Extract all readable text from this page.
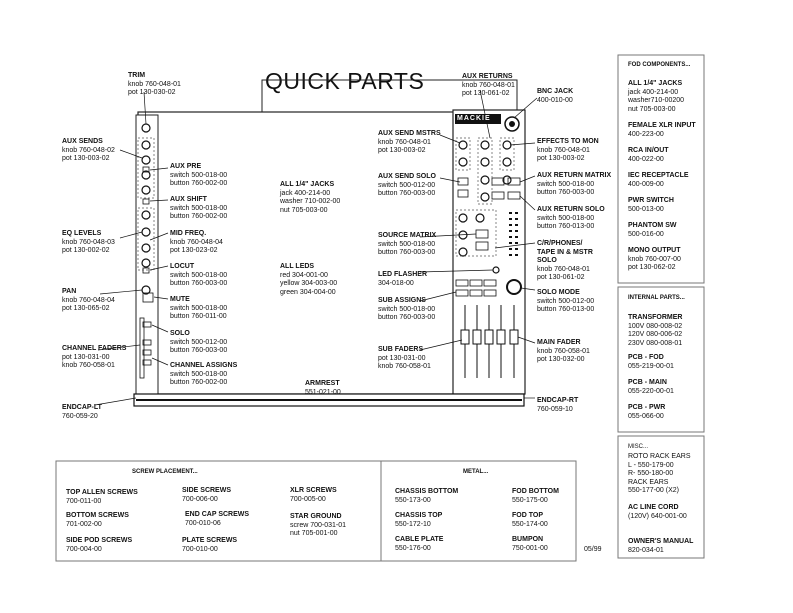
QUICK PARTS
MACKIE
TRIM
knob 760-048-01
pot 130-030-02
AUX SENDS
knob 760-048-02
pot 130-003-02
AUX PRE
switch 500-018-00
button 760-002-00
AUX SHIFT
switch 500-018-00
button 760-002-00
EQ LEVELS
knob 760-048-03
pot 130-002-02
MID FREQ.
knob 760-048-04
pot 130-023-02
LOCUT
switch 500-018-00
button 760-003-00
PAN
knob 760-048-04
pot 130-065-02
MUTE
switch 500-018-00
button 760-011-00
SOLO
switch 500-012-00
button 760-003-00
CHANNEL FADERS
pot 130-031-00
knob 760-058-01	CHANNEL ASSIGNS
switch 500-018-00
button 760-002-00
ENDCAP-LT
760-059-20
ALL 1/4" JACKS
jack 400-214-00
washer 710-002-00
nut 705-003-00
ALL LEDS
red 304-001-00
yellow 304-003-00
green 304-004-00
ARMREST
551-021-00
AUX RETURNS
knob 760-048-01
pot 130-061-02	BNC JACK
400-010-00
AUX SEND MSTRS
knob 760-048-01
pot 130-003-02
EFFECTS TO MON
knob 760-048-01
pot 130-003-02
AUX SEND SOLO
switch 500-012-00
button 760-003-00
AUX RETURN MATRIX
switch 500-018-00
button 760-003-00
AUX RETURN SOLO
switch 500-018-00
button 760-013-00
SOURCE MATRIX
switch 500-018-00
button 760-003-00
C/R/PHONES/ TAPE IN & MSTR SOLO
knob 760-048-01
pot 130-061-02
LED FLASHER
304-018-00
SOLO MODE
switch 500-012-00
button 760-013-00
SUB ASSIGNS
switch 500-018-00
button 760-003-00
SUB FADERS
pot 130-031-00
knob 760-058-01
MAIN FADER
knob 760-058-01
pot 130-032-00
ENDCAP-RT
760-059-10
FOD COMPONENTS...
ALL 1/4" JACKS
jack 400-214-00
washer710-00200
nut 705-003-00
FEMALE XLR INPUT
400-223-00
RCA IN/OUT
400-022-00
IEC RECEPTACLE
400-009-00
PWR SWITCH
500-013-00
PHANTOM SW
500-016-00
MONO OUTPUT
knob 760-007-00
pot 130-062-02
INTERNAL PARTS...
TRANSFORMER
100V 080-008-02
120V 080-006-02
230V 080-008-01
PCB - FOD
055-219-00-01
PCB - MAIN
055-220-00-01
PCB - PWR
055-066-00
MISC...
ROTO RACK EARS
L - 550-179-00
R- 550-180-00
RACK EARS
550-177-00 (X2)
AC LINE CORD
(120V) 640-001-00
OWNER'S MANUAL
820-034-01
SCREW PLACEMENT...
TOP ALLEN SCREWS
700-011-00
SIDE SCREWS
700-006-00
XLR SCREWS
700-005-00
BOTTOM SCREWS
701-002-00
END CAP SCREWS
700-010-06
STAR GROUND
screw 700-031-01
nut 705-001-00
SIDE POD SCREWS
700-004-00
PLATE SCREWS
700-010-00
METAL...
CHASSIS BOTTOM
550-173-00
FOD BOTTOM
550-175-00
CHASSIS TOP
550-172-10
FOD TOP
550-174-00
CABLE PLATE
550-176-00
BUMPON
750-001-00	05/99
